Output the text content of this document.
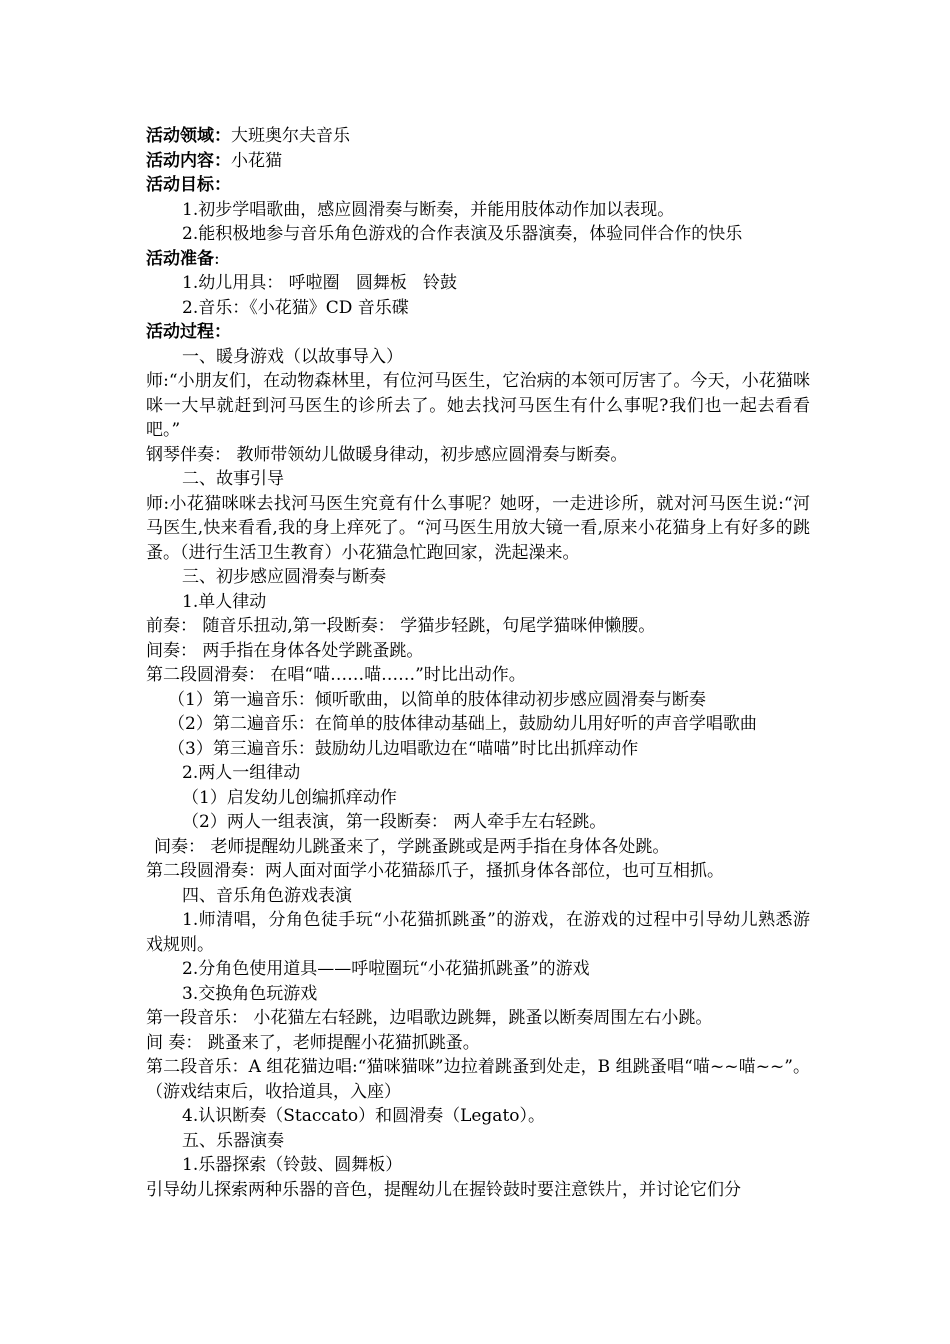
活动领域：大班奥尔夫音乐
活动内容：小花猫
活动目标：
1.初步学唱歌曲，感应圆滑奏与断奏，并能用肢体动作加以表现。
2.能积极地参与音乐角色游戏的合作表演及乐器演奏，体验同伴合作的快乐
活动准备:
1.幼儿用具： 呼啦圈   圆舞板   铃鼓
2.音乐：《小花猫》CD 音乐碟
活动过程：
一、暖身游戏（以故事导入）
师:“小朋友们，在动物森林里，有位河马医生，它治病的本领可厉害了。今天，小花猫咪咪一大早就赶到河马医生的诊所去了。她去找河马医生有什么事呢?我们也一起去看看吧。”
钢琴伴奏： 教师带领幼儿做暖身律动，初步感应圆滑奏与断奏。
二、故事引导
师:小花猫咪咪去找河马医生究竟有什么事呢？她呀，一走进诊所，就对河马医生说:“河马医生,快来看看,我的身上痒死了。“河马医生用放大镜一看,原来小花猫身上有好多的跳蚤。（进行生活卫生教育）小花猫急忙跑回家，洗起澡来。
三、初步感应圆滑奏与断奏
1.单人律动
前奏： 随音乐扭动,第一段断奏： 学猫步轻跳，句尾学猫咪伸懒腰。
间奏： 两手指在身体各处学跳蚤跳。
第二段圆滑奏： 在唱“喵……喵……”时比出动作。
（1）第一遍音乐：倾听歌曲，以简单的肢体律动初步感应圆滑奏与断奏
（2）第二遍音乐：在简单的肢体律动基础上，鼓励幼儿用好听的声音学唱歌曲
（3）第三遍音乐：鼓励幼儿边唱歌边在“喵喵”时比出抓痒动作
2.两人一组律动
（1）启发幼儿创编抓痒动作
（2）两人一组表演，第一段断奏： 两人牵手左右轻跳。
间奏： 老师提醒幼儿跳蚤来了，学跳蚤跳或是两手指在身体各处跳。
第二段圆滑奏：两人面对面学小花猫舔爪子，搔抓身体各部位，也可互相抓。
四、音乐角色游戏表演
1.师清唱，分角色徒手玩“小花猫抓跳蚤”的游戏，在游戏的过程中引导幼儿熟悉游戏规则。
2.分角色使用道具——呼啦圈玩“小花猫抓跳蚤”的游戏
3.交换角色玩游戏
第一段音乐： 小花猫左右轻跳，边唱歌边跳舞，跳蚤以断奏周围左右小跳。
间 奏： 跳蚤来了，老师提醒小花猫抓跳蚤。
第二段音乐：A 组花猫边唱:“猫咪猫咪”边拉着跳蚤到处走，B 组跳蚤唱“喵~~喵~~”。（游戏结束后，收拾道具，入座）
4.认识断奏（Staccato）和圆滑奏（Legato）。
五、乐器演奏
1.乐器探索（铃鼓、圆舞板）
引导幼儿探索两种乐器的音色，提醒幼儿在握铃鼓时要注意铁片，并讨论它们分
